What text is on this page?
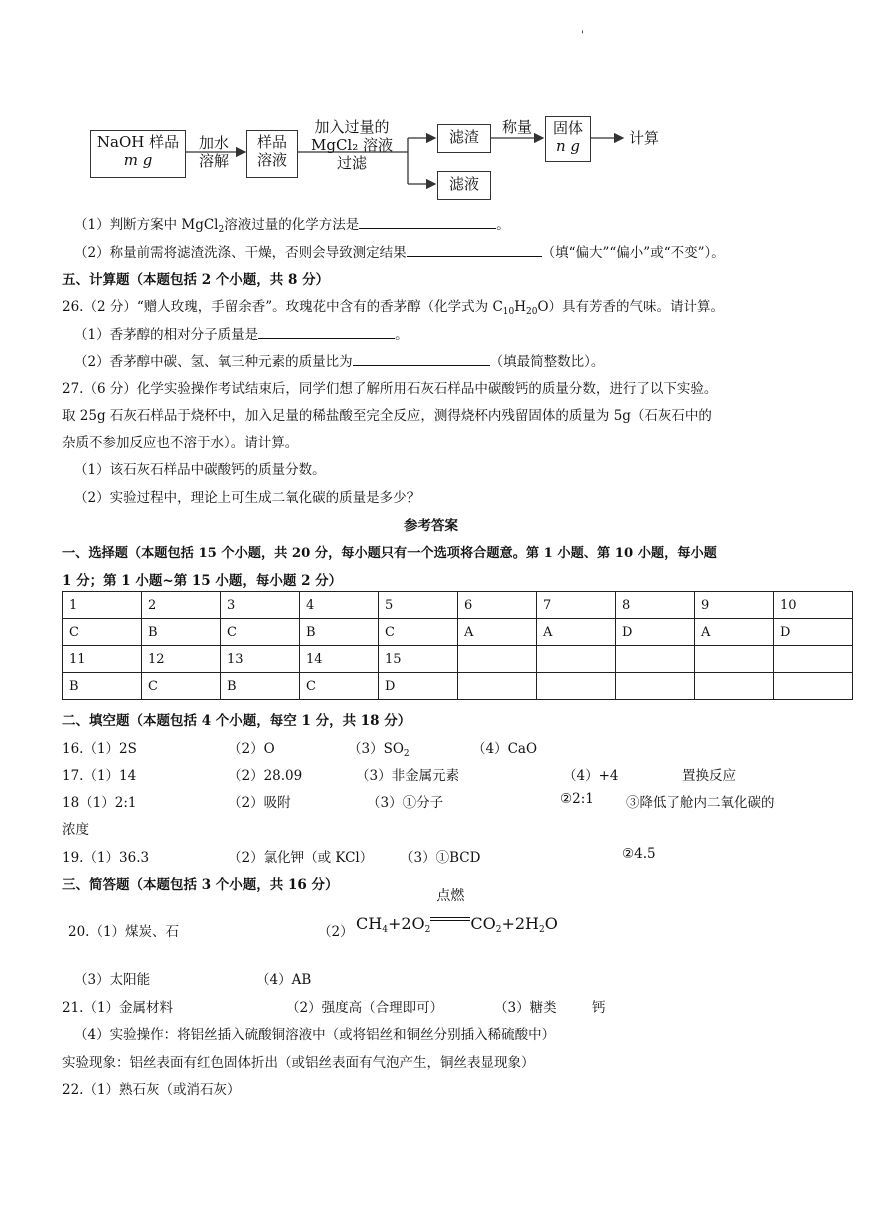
'
NaOH 样品
m g
加水
溶解
样品
溶液
加入过量的
MgCl₂ 溶液
过滤
滤渣
滤液
称量	固体
n g	计算
（1）判断方案中 MgCl$_2$溶液过量的化学方法是	。
（2）称量前需将滤渣洗涤、干燥，否则会导致测定结果	（填“偏大”“偏小”或“不变”）。
五、计算题（本题包括 2 个小题，共 8 分）
26.（2 分）“赠人玫瑰，手留余香”。玫瑰花中含有的香茅醇（化学式为 $C_{10}H_{20}O$）具有芳香的气味。请计算。
（1）香茅醇的相对分子质量是	。
（2）香茅醇中碳、氢、氧三种元素的质量比为	（填最简整数比）。
27.（6 分）化学实验操作考试结束后，同学们想了解所用石灰石样品中碳酸钙的质量分数，进行了以下实验。
取 25g 石灰石样品于烧杯中，加入足量的稀盐酸至完全反应，测得烧杯内残留固体的质量为 5g（石灰石中的
杂质不参加反应也不溶于水）。请计算。
（1）该石灰石样品中碳酸钙的质量分数。
（2）实验过程中，理论上可生成二氧化碳的质量是多少？
参考答案
一、选择题（本题包括 15 个小题，共 20 分，每小题只有一个选项将合题意。第 1 小题、第 10 小题，每小题
1 分；第 1 小题~第 15 小题，每小题 2 分）
1	2	3	4	5	6	7	8	9	10
C	B	C	B	C	A	A	D	A	D
11	12	13	14	15					
B	C	B	C	D					
二、填空题（本题包括 4 个小题，每空 1 分，共 18 分）
16.（1）2S	（2）O	$(3)SO_2$	（4）CaO
17.（1）14	（2）28.09	（3）非金属元素	（4）+4	置换反应
18（1）2:1	（2）吸附	（3）①分子	②2:1 ③降低了舱内二氧化碳的
浓度
19.（1）36.3	（2）氯化钾（或 KCl） （3）①BCD	②4.5
三、简答题（本题包括 3 个小题，共 16 分）
20.（1）煤炭、石	（2） $CH_4+2O_2$
点燃
$CO_2+2H_2O$
（3）太阳能	（4）AB
21.（1）金属材料	（2）强度高（合理即可）	（3）糖类	钙
（4）实验操作：将铝丝插入硫酸铜溶液中（或将铝丝和铜丝分别插入稀硫酸中）
实验现象：铝丝表面有红色固体折出（或铝丝表面有气泡产生，铜丝表显现象）
22.（1）熟石灰（或消石灰）
